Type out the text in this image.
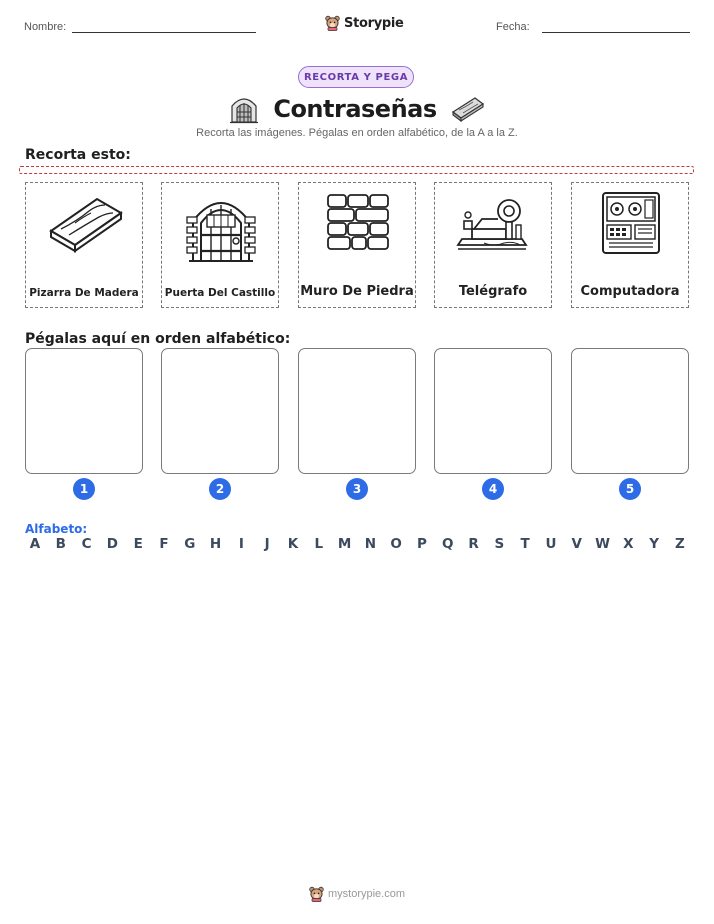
Nombre:	Storypie	Fecha:
RECORTA Y PEGA
Contraseñas
Recorta las imágenes. Pégalas en orden alfabético, de la A a la Z.
Recorta esto:
Pizarra De Madera	Puerta Del Castillo Muro De Piedra	Telégrafo	Computadora
Pégalas aquí en orden alfabético:
1	2	3	4	5
Alfabeto:
A	B	C	D	E	F	G	H	I	J	K	L	M N	O	P	Q	R	S	T	U	V W X	Y	Z
mystorypie.com
